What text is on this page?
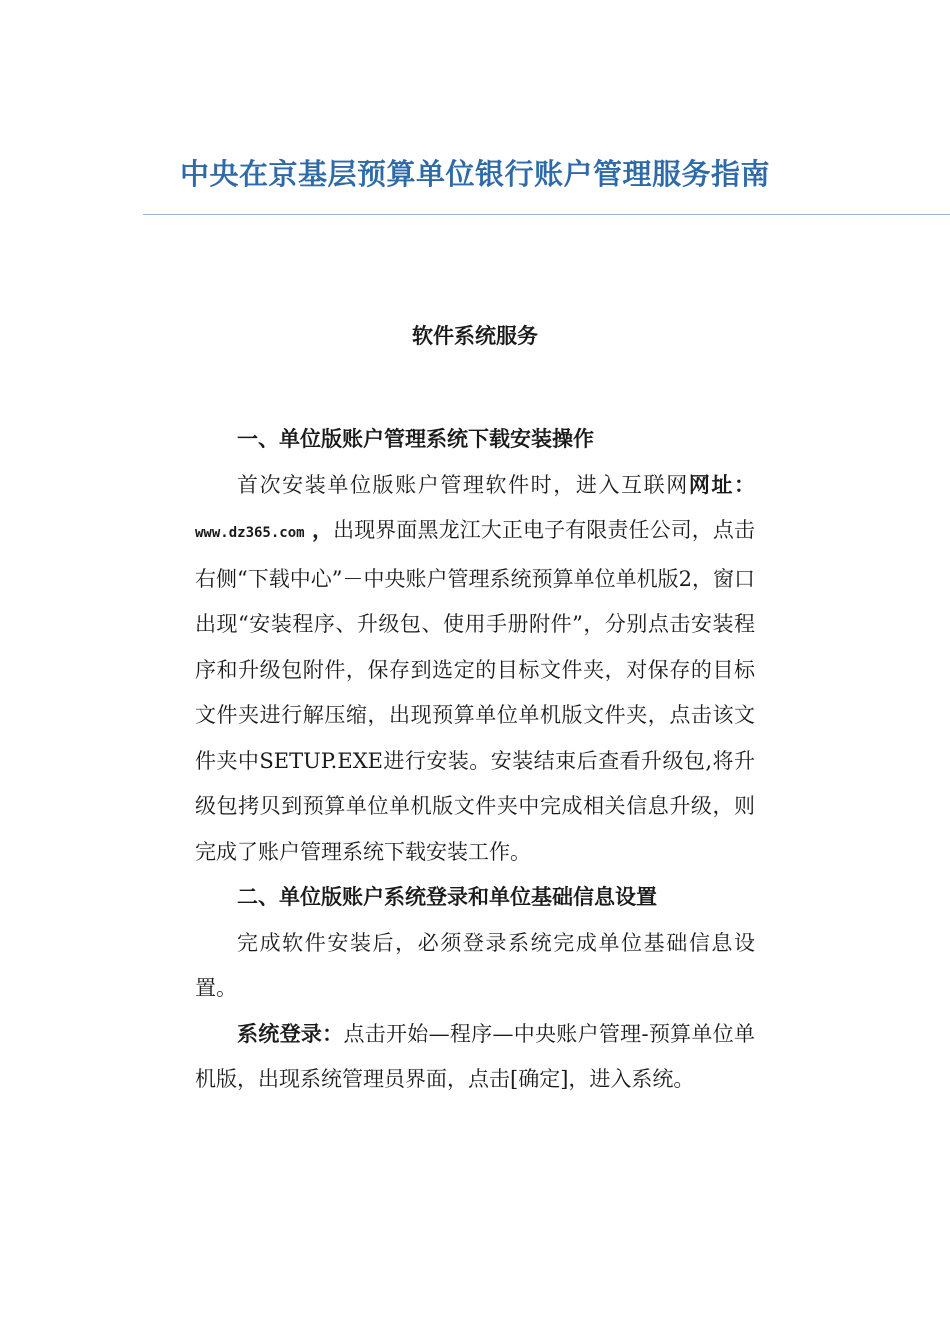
中央在京基层预算单位银行账户管理服务指南
软件系统服务

一、单位版账户管理系统下载安装操作

首次安装单位版账户管理软件时，进入互联网网址：www.dz365.com ，出现界面黑龙江大正电子有限责任公司，点击右侧“下载中心”－中央账户管理系统预算单位单机版2，窗口出现“安装程序、升级包、使用手册附件”，分别点击安装程序和升级包附件，保存到选定的目标文件夹，对保存的目标文件夹进行解压缩，出现预算单位单机版文件夹，点击该文件夹中SETUP.EXE进行安装。安装结束后查看升级包,将升级包拷贝到预算单位单机版文件夹中完成相关信息升级，则完成了账户管理系统下载安装工作。

二、单位版账户系统登录和单位基础信息设置

完成软件安装后，必须登录系统完成单位基础信息设置。

系统登录：点击开始—程序—中央账户管理-预算单位单机版，出现系统管理员界面，点击[确定]，进入系统。
